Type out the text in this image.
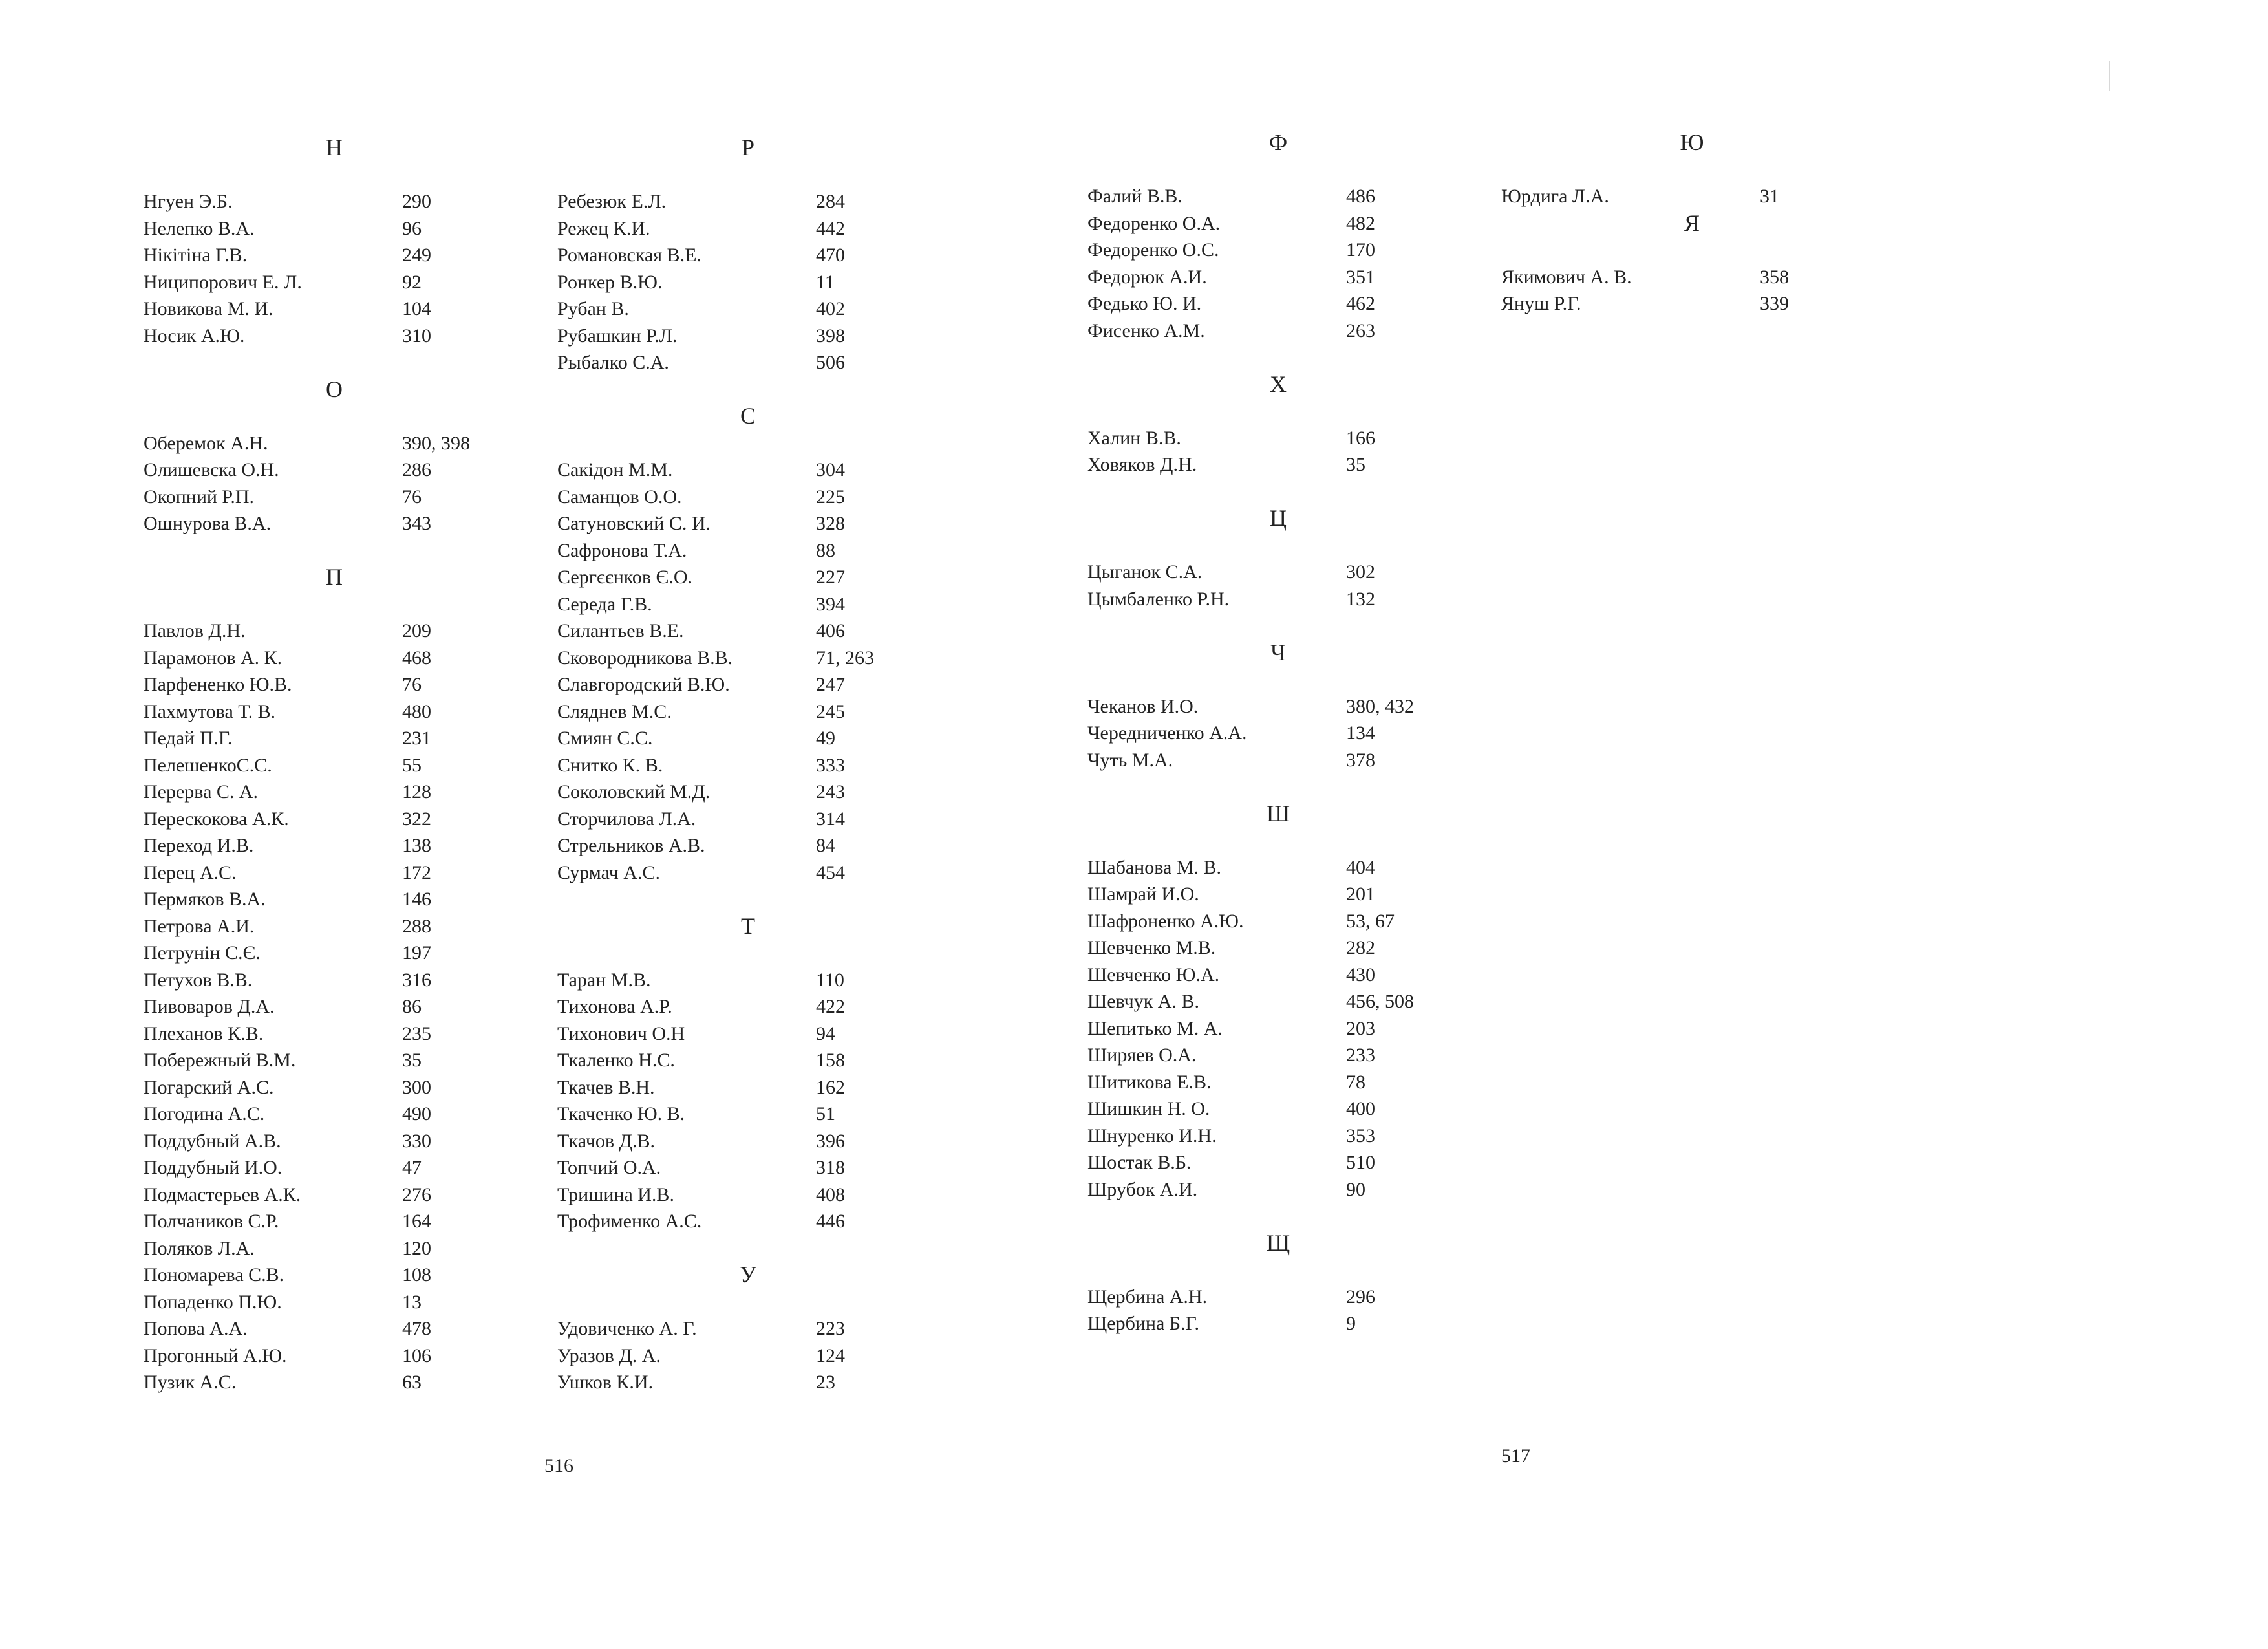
Н
Нгуен Э.Б.	290
Нелепко В.А.	96
Нікітіна Г.В.	249
Ниципорович Е. Л.	92
Новикова М. И.	104
Носик А.Ю.	310
О
Оберемок А.Н.	390, 398
Олишевска О.Н.	286
Окопний Р.П.	76
Ошнурова В.А.	343
П
Павлов Д.Н.	209
Парамонов А. К.	468
Парфененко Ю.В.	76
Пахмутова Т. В.	480
Педай П.Г.	231
ПелешенкоС.С.	55
Перерва С. А.	128
Перескокова А.К.	322
Переход И.В.	138
Перец А.С.	172
Пермяков В.А.	146
Петрова А.И.	288
Петрунін С.Є.	197
Петухов В.В.	316
Пивоваров Д.А.	86
Плеханов К.В.	235
Побережный В.М.	35
Погарский А.С.	300
Погодина А.С.	490
Поддубный А.В.	330
Поддубный И.О.	47
Подмастерьев А.К.	276
Полчаников С.Р.	164
Поляков Л.А.	120
Пономарева С.В.	108
Попаденко П.Ю.	13
Попова А.А.	478
Прогонный А.Ю.	106
Пузик А.С.	63
Р
Ребезюк Е.Л.	284
Режец К.И.	442
Романовская В.Е.	470
Ронкер В.Ю.	11
Рубан В.	402
Рубашкин Р.Л.	398
Рыбалко С.А.	506
С
Сакідон М.М.	304
Саманцов О.О.	225
Сатуновский С. И.	328
Сафронова Т.А.	88
Сергєєнков Є.О.	227
Середа Г.В.	394
Силантьев В.Е.	406
Сковородникова В.В.	71, 263
Славгородский В.Ю.	247
Сляднев М.С.	245
Смиян С.С.	49
Снитко К. В.	333
Соколовский М.Д.	243
Сторчилова Л.А.	314
Стрельников А.В.	84
Сурмач А.С.	454
Т
Таран М.В.	110
Тихонова А.Р.	422
Тихонович О.Н	94
Ткаленко Н.С.	158
Ткачев В.Н.	162
Ткаченко Ю. В.	51
Ткачов Д.В.	396
Топчий О.А.	318
Тришина И.В.	408
Трофименко А.С.	446
У
Удовиченко А. Г.	223
Уразов Д. А.	124
Ушков К.И.	23
Ф
Фалий В.В.	486
Федоренко О.А.	482
Федоренко О.С.	170
Федорюк А.И.	351
Федько Ю. И.	462
Фисенко А.М.	263
Х
Халин В.В.	166
Ховяков Д.Н.	35
Ц
Цыганок С.А.	302
Цымбаленко Р.Н.	132
Ч
Чеканов И.О.	380, 432
Чередниченко А.А.	134
Чуть М.А.	378
Ш
Шабанова М. В.	404
Шамрай И.О.	201
Шафроненко А.Ю.	53, 67
Шевченко М.В.	282
Шевченко Ю.А.	430
Шевчук А. В.	456, 508
Шепитько М. А.	203
Ширяев О.А.	233
Шитикова Е.В.	78
Шишкин Н. О.	400
Шнуренко И.Н.	353
Шостак В.Б.	510
Шрубок А.И.	90
Щ
Щербина А.Н.	296
Щербина Б.Г.	9
Ю
Юрдига Л.А.	31
Я
Якимович А. В.	358
Януш Р.Г.	339
516	517
